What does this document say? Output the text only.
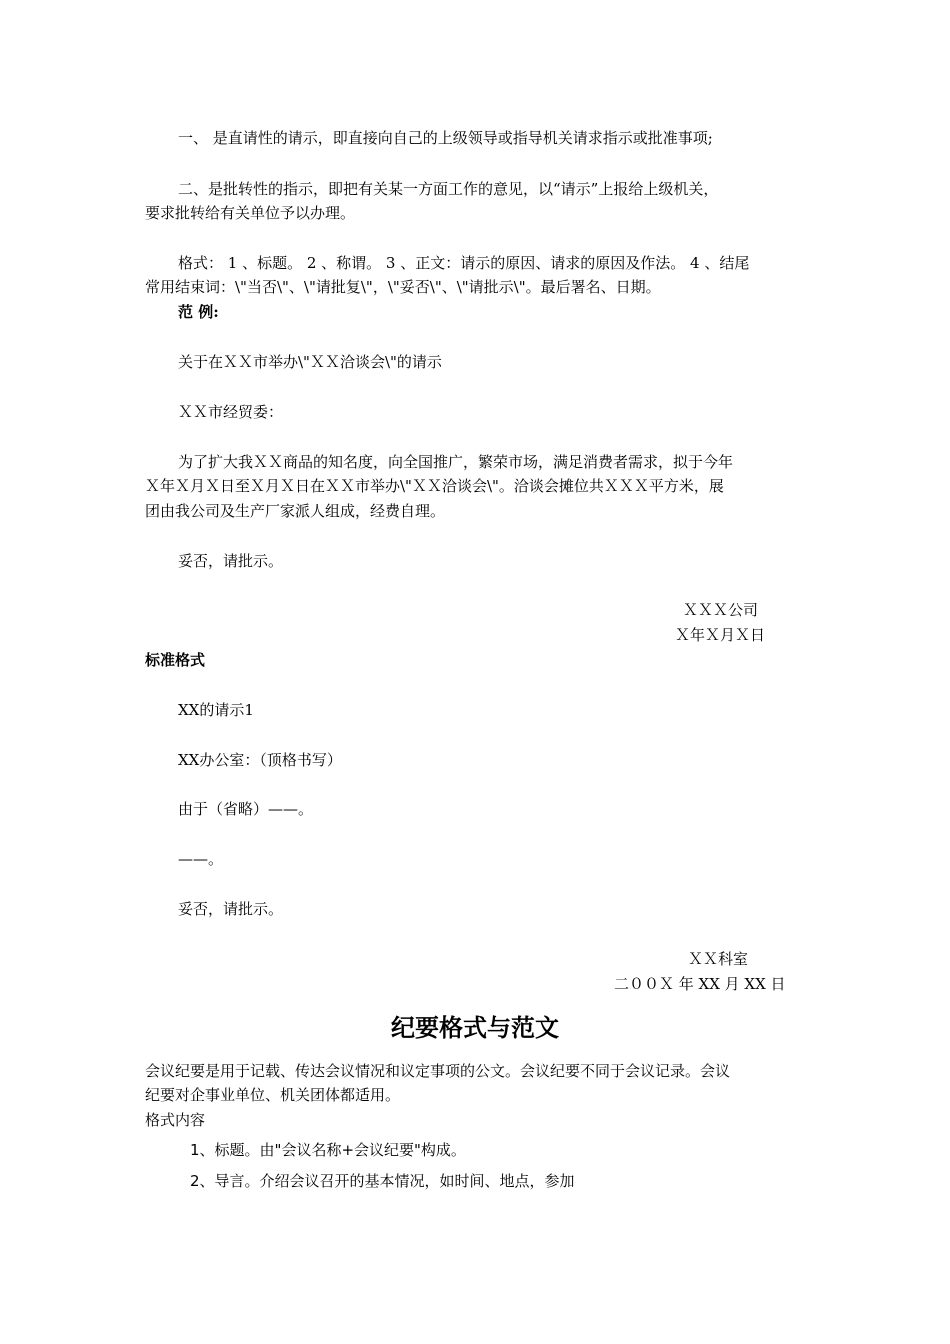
一、 是直请性的请示，即直接向自己的上级领导或指导机关请求指示或批准事项;
二、是批转性的指示，即把有关某一方面工作的意见，以“请示”上报给上级机关，
要求批转给有关单位予以办理。
格式： 1 、标题。 2 、称谓。 3 、正文：请示的原因、请求的原因及作法。 4 、结尾
常用结束词：\"当否\"、\"请批复\"，\"妥否\"、\"请批示\"。最后署名、日期。
范 例:
关于在ＸＸ市举办\"ＸＸ洽谈会\"的请示
ＸＸ市经贸委：
为了扩大我ＸＸ商品的知名度，向全国推广，繁荣市场，满足消费者需求，拟于今年
Ｘ年Ｘ月Ｘ日至Ｘ月Ｘ日在ＸＸ市举办\"ＸＸ洽谈会\"。洽谈会摊位共ＸＸＸ平方米，展
团由我公司及生产厂家派人组成，经费自理。
妥否，请批示。
ＸＸＸ公司
Ｘ年Ｘ月Ｘ日
标准格式
XX的请示1
XX办公室：（顶格书写）
由于（省略）——。
——。
妥否，请批示。
ＸＸ科室
二００Ｘ 年 XX 月 XX 日
纪要格式与范文
会议纪要是用于记载、传达会议情况和议定事项的公文。会议纪要不同于会议记录。会议
纪要对企事业单位、机关团体都适用。
格式内容
1、标题。由"会议名称+会议纪要"构成。
2、导言。介绍会议召开的基本情况，如时间、地点，参加
